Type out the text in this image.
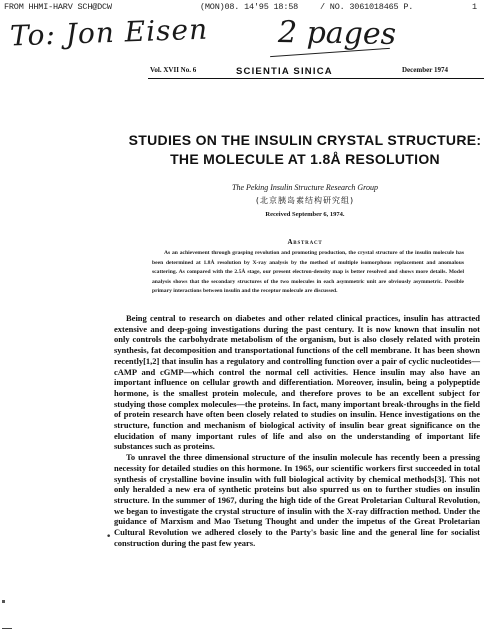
FROM HHMI-HARV SCH@DCW	(MON)08. 14'95 18:58	/ NO. 3061018465 P.	1
To: Jon Eisen 2 pages
Vol. XVII No. 6	SCIENTIA SINICA	December 1974
STUDIES ON THE INSULIN CRYSTAL STRUCTURE:
THE MOLECULE AT 1.8Å RESOLUTION
The Peking Insulin Structure Research Group
(北京胰岛素结构研究组)
Received September 6, 1974.
Abstract

As an achievement through grasping revolution and promoting production, the crystal structure of the insulin molecule has been determined at 1.8Å resolution by X-ray analysis by the method of multiple isomorphous replacement and anomalous scattering. As compared with the 2.5Å stage, our present electron-density map is better resolved and shows more details. Model analysis shows that the secondary structures of the two molecules in each asymmetric unit are obviously asymmetric. Possible primary interactions between insulin and the receptor molecule are discussed.

Being central to research on diabetes and other related clinical practices, insulin has attracted extensive and deep-going investigations during the past century. It is now known that insulin not only controls the carbohydrate metabolism of the organism, but is also closely related with protein synthesis, fat decomposition and transportational functions of the cell membrane. It has been shown recently[1,2] that insulin has a regulatory and controlling function over a pair of cyclic nucleotides—cAMP and cGMP—which control the normal cell activities. Hence insulin may also have an important influence on cellular growth and differentiation. Moreover, insulin, being a polypeptide hormone, is the smallest protein molecule, and therefore proves to be an excellent subject for studying those complex molecules—the proteins. In fact, many important break-throughs in the field of protein research have often been closely related to studies on insulin. Hence investigations on the structure, function and mechanism of biological activity of insulin bear great significance on the elucidation of many important rules of life and also on the understanding of important life substances such as proteins.

To unravel the three dimensional structure of the insulin molecule has recently been a pressing necessity for detailed studies on this hormone. In 1965, our scientific workers first succeeded in total synthesis of crystalline bovine insulin with full biological activity by chemical methods[3]. This not only heralded a new era of synthetic proteins but also spurred us on to further studies on insulin structure. In the summer of 1967, during the high tide of the Great Proletarian Cultural Revolution, we began to investigate the crystal structure of insulin with the X-ray diffraction method. Under the guidance of Marxism and Mao Tsetung Thought and under the impetus of the Great Proletarian Cultural Revolution we adhered closely to the Party's basic line and the general line for socialist construction during the past few years.

•
